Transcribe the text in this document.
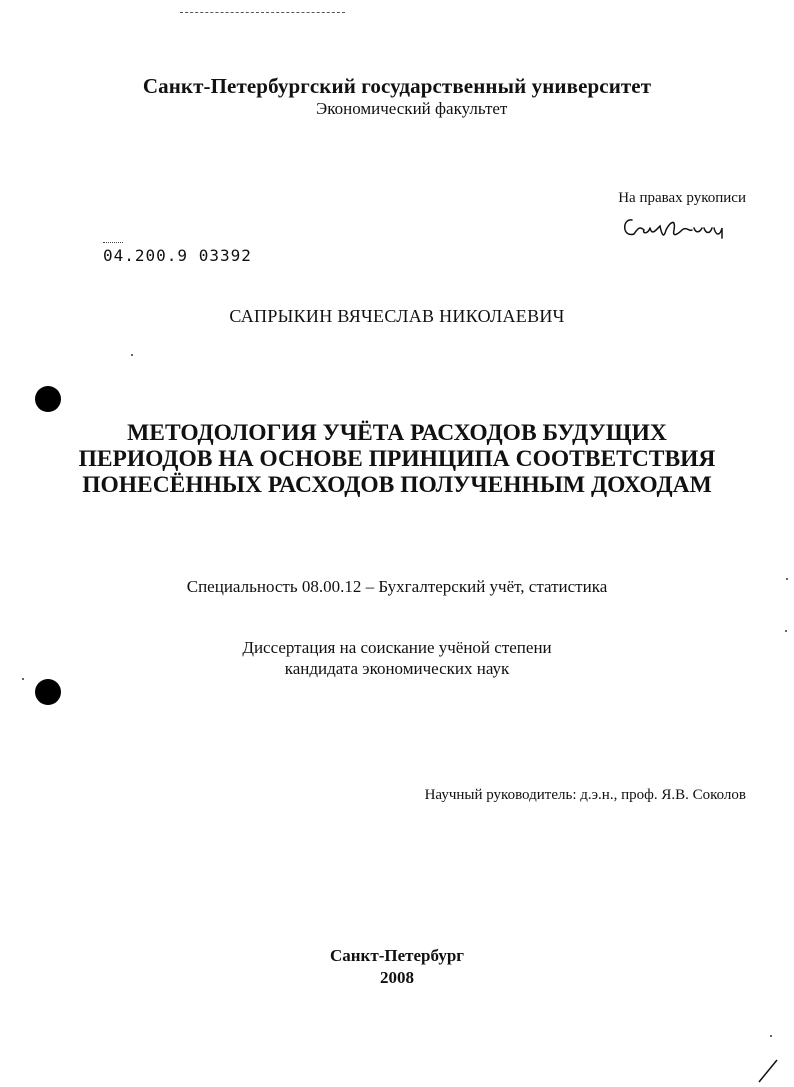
Санкт-Петербургский государственный университет
Экономический факультет
На правах рукописи
04.200.9 03392
САПРЫКИН ВЯЧЕСЛАВ НИКОЛАЕВИЧ
МЕТОДОЛОГИЯ УЧЁТА РАСХОДОВ БУДУЩИХ
ПЕРИОДОВ НА ОСНОВЕ ПРИНЦИПА СООТВЕТСТВИЯ
ПОНЕСЁННЫХ РАСХОДОВ ПОЛУЧЕННЫМ ДОХОДАМ
Специальность 08.00.12 – Бухгалтерский учёт, статистика
Диссертация на соискание учёной степени
кандидата экономических наук
Научный руководитель: д.э.н., проф. Я.В. Соколов
Санкт-Петербург
2008
